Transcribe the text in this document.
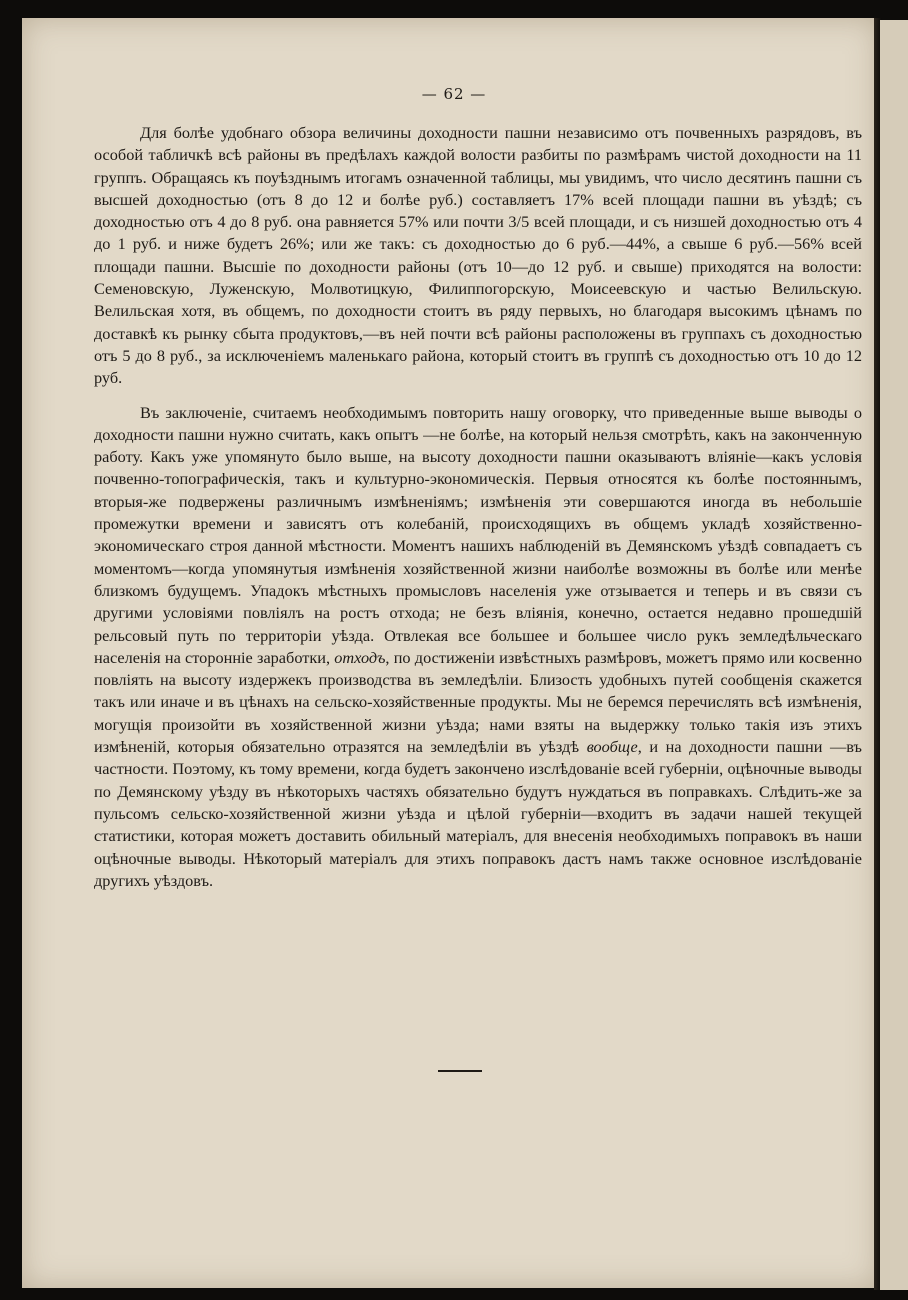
— 62 —

Для болѣе удобнаго обзора величины доходности пашни независимо отъ почвенныхъ разрядовъ, въ особой табличкѣ всѣ районы въ предѣлахъ каждой волости разбиты по размѣрамъ чистой доходности на 11 группъ. Обращаясь къ поуѣзднымъ итогамъ означенной таблицы, мы увидимъ, что число десятинъ пашни съ высшей доходностью (отъ 8 до 12 и болѣе руб.) составляетъ 17% всей площади пашни въ уѣздѣ; съ доходностью отъ 4 до 8 руб. она равняется 57% или почти 3/5 всей площади, и съ низшей доходностью отъ 4 до 1 руб. и ниже будетъ 26%; или же такъ: съ доходностью до 6 руб.—44%, а свыше 6 руб.—56% всей площади пашни. Высшіе по доходности районы (отъ 10—до 12 руб. и свыше) приходятся на волости: Семеновскую, Луженскую, Молвотицкую, Филиппогорскую, Моисеевскую и частью Велильскую. Велильская хотя, въ общемъ, по доходности стоитъ въ ряду первыхъ, но благодаря высокимъ цѣнамъ по доставкѣ къ рынку сбыта продуктовъ,—въ ней почти всѣ районы расположены въ группахъ съ доходностью отъ 5 до 8 руб., за исключеніемъ маленькаго района, который стоитъ въ группѣ съ доходностью отъ 10 до 12 руб.

Въ заключеніе, считаемъ необходимымъ повторить нашу оговорку, что приведенные выше выводы о доходности пашни нужно считать, какъ опытъ —не болѣе, на который нельзя смотрѣть, какъ на законченную работу. Какъ уже упомянуто было выше, на высоту доходности пашни оказываютъ вліяніе—какъ условія почвенно-топографическія, такъ и культурно-экономическія. Первыя относятся къ болѣе постояннымъ, вторыя-же подвержены различнымъ измѣненіямъ; измѣненія эти совершаются иногда въ небольшіе промежутки времени и зависятъ отъ колебаній, происходящихъ въ общемъ укладѣ хозяйственно-экономическаго строя данной мѣстности. Моментъ нашихъ наблюденій въ Демянскомъ уѣздѣ совпадаетъ съ моментомъ—когда упомянутыя измѣненія хозяйственной жизни наиболѣе возможны въ болѣе или менѣе близкомъ будущемъ. Упадокъ мѣстныхъ промысловъ населенія уже отзывается и теперь и въ связи съ другими условіями повліялъ на ростъ отхода; не безъ вліянія, конечно, остается недавно прошедшій рельсовый путь по территоріи уѣзда. Отвлекая все большее и большее число рукъ земледѣльческаго населенія на сторонніе заработки, отходъ, по достиженіи извѣстныхъ размѣровъ, можетъ прямо или косвенно повліять на высоту издержекъ производства въ земледѣліи. Близость удобныхъ путей сообщенія скажется такъ или иначе и въ цѣнахъ на сельско-хозяйственные продукты. Мы не беремся перечислять всѣ измѣненія, могущія произойти въ хозяйственной жизни уѣзда; нами взяты на выдержку только такія изъ этихъ измѣненій, которыя обязательно отразятся на земледѣліи въ уѣздѣ вообще, и на доходности пашни —въ частности. Поэтому, къ тому времени, когда будетъ закончено изслѣдованіе всей губерніи, оцѣночные выводы по Демянскому уѣзду въ нѣкоторыхъ частяхъ обязательно будутъ нуждаться въ поправкахъ. Слѣдить-же за пульсомъ сельско-хозяйственной жизни уѣзда и цѣлой губерніи—входитъ въ задачи нашей текущей статистики, которая можетъ доставить обильный матеріалъ, для внесенія необходимыхъ поправокъ въ наши оцѣночные выводы. Нѣкоторый матеріалъ для этихъ поправокъ дастъ намъ также основное изслѣдованіе другихъ уѣздовъ.
